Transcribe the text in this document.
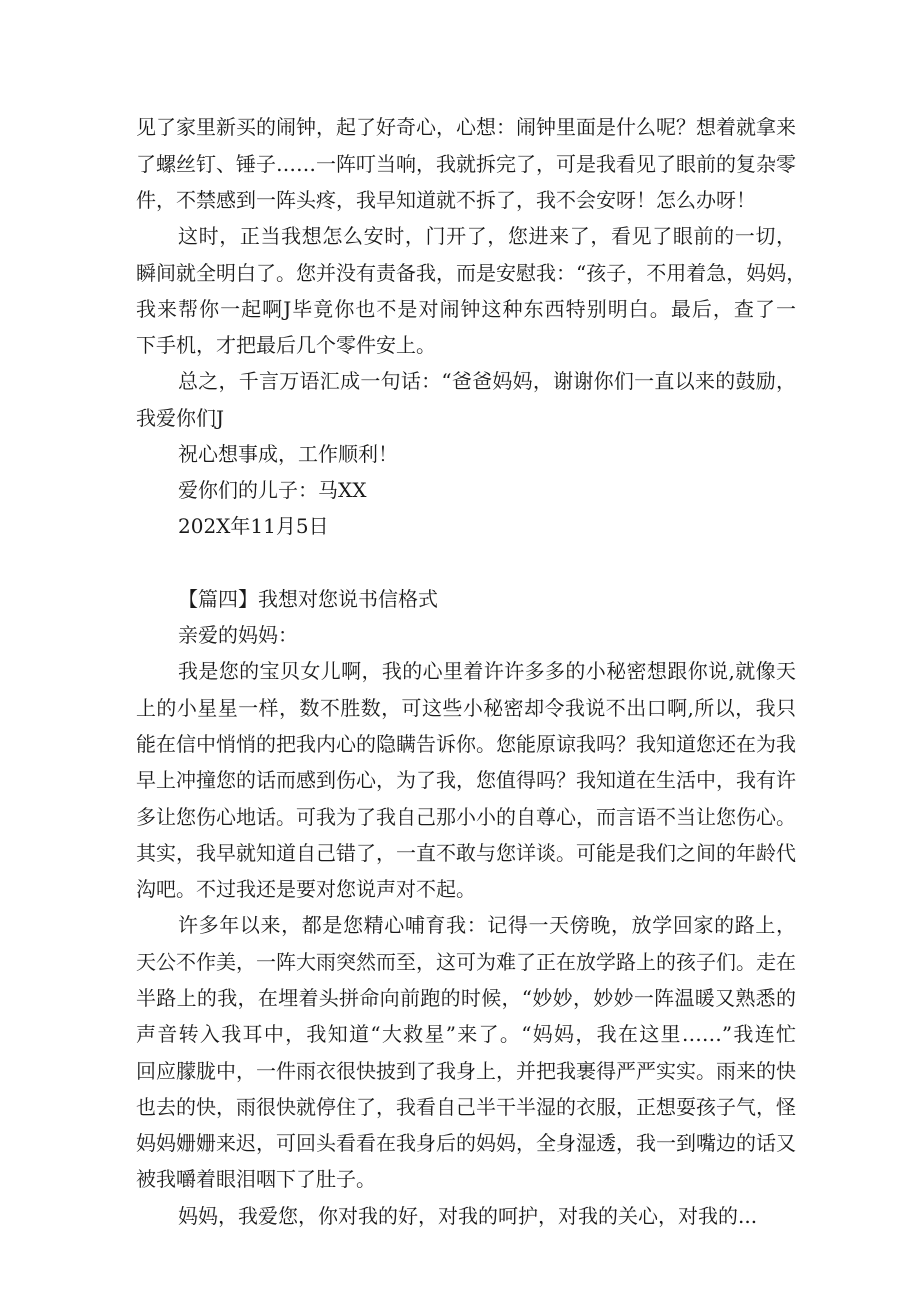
见了家里新买的闹钟，起了好奇心，心想：闹钟里面是什么呢？想着就拿来
了螺丝钉、锤子……一阵叮当响，我就拆完了，可是我看见了眼前的复杂零
件，不禁感到一阵头疼，我早知道就不拆了，我不会安呀！怎么办呀！
这时，正当我想怎么安时，门开了，您进来了，看见了眼前的一切，
瞬间就全明白了。您并没有责备我，而是安慰我：“孩子，不用着急，妈妈，
我来帮你一起啊J毕竟你也不是对闹钟这种东西特别明白。最后，查了一
下手机，才把最后几个零件安上。
总之，千言万语汇成一句话：“爸爸妈妈，谢谢你们一直以来的鼓励，
我爱你们J
祝心想事成，工作顺利！
爱你们的儿子：马XX
202X年11月5日
【篇四】我想对您说书信格式
亲爱的妈妈：
我是您的宝贝女儿啊，我的心里着许许多多的小秘密想跟你说,就像天
上的小星星一样，数不胜数，可这些小秘密却令我说不出口啊,所以，我只
能在信中悄悄的把我内心的隐瞒告诉你。您能原谅我吗？我知道您还在为我
早上冲撞您的话而感到伤心，为了我，您值得吗？我知道在生活中，我有许
多让您伤心地话。可我为了我自己那小小的自尊心，而言语不当让您伤心。
其实，我早就知道自己错了，一直不敢与您详谈。可能是我们之间的年龄代
沟吧。不过我还是要对您说声对不起。
许多年以来，都是您精心哺育我：记得一天傍晚，放学回家的路上，
天公不作美，一阵大雨突然而至，这可为难了正在放学路上的孩子们。走在
半路上的我，在埋着头拼命向前跑的时候，“妙妙，妙妙一阵温暖又熟悉的
声音转入我耳中，我知道“大救星”来了。“妈妈，我在这里……”我连忙
回应朦胧中，一件雨衣很快披到了我身上，并把我裹得严严实实。雨来的快
也去的快，雨很快就停住了，我看自己半干半湿的衣服，正想耍孩子气，怪
妈妈姗姗来迟，可回头看看在我身后的妈妈，全身湿透，我一到嘴边的话又
被我嚼着眼泪咽下了肚子。
妈妈，我爱您，你对我的好，对我的呵护，对我的关心，对我的...
